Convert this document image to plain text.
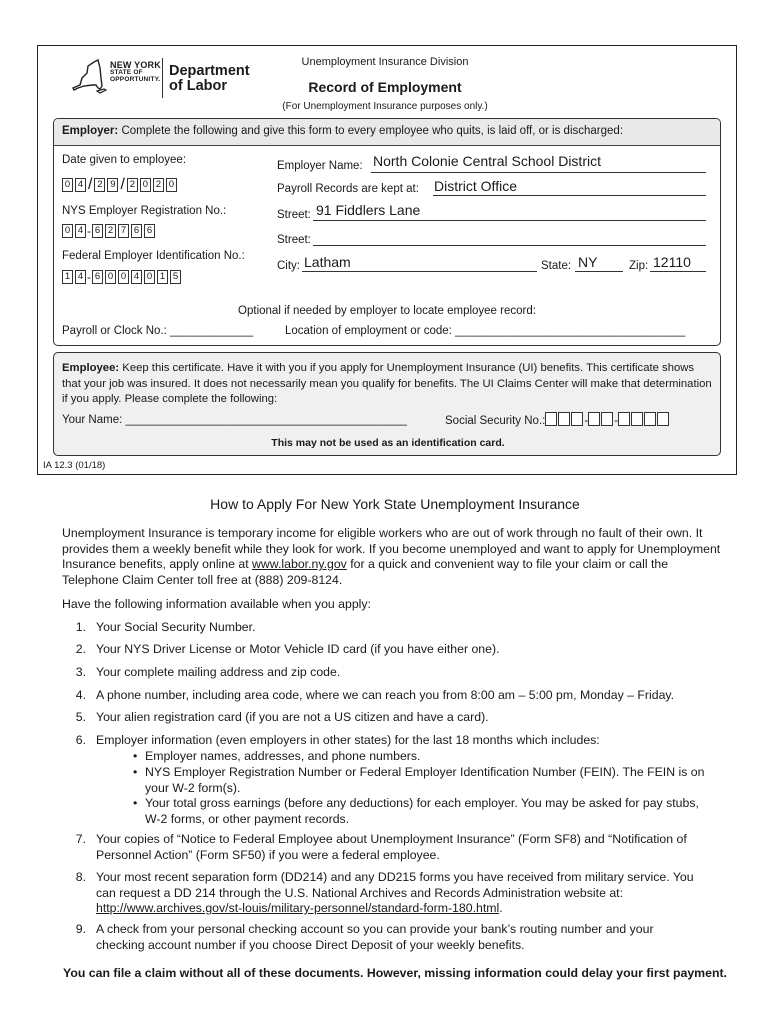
NEW YORK
STATE OF
OPPORTUNITY.
Department
of Labor
Unemployment Insurance Division
Record of Employment
(For Unemployment Insurance purposes only.)
Employer: Complete the following and give this form to every employee who quits, is laid off, or is discharged:
Date given to employee:
0 4 / 2 9 / 2 0 2 0
NYS Employer Registration No.:
0 4 - 6 2 7 6 6
Federal Employer Identification No.:
1 4 - 6 0 0 4 0 1 5
Employer Name: North Colonie Central School District
Payroll Records are kept at: District Office
Street: 91 Fiddlers Lane
Street:
City: Latham	State: NY	Zip: 12110
Optional if needed by employer to locate employee record:
Payroll or Clock No.: _____________	Location of employment or code: ____________________________________
Employee: Keep this certificate. Have it with you if you apply for Unemployment Insurance (UI) benefits. This certificate shows that your job was insured. It does not necessarily mean you qualify for benefits. The UI Claims Center will make that determination if you apply. Please complete the following:
Your Name: ____________________________________________	Social Security No.:	- -
This may not be used as an identification card.
IA 12.3 (01/18)
How to Apply For New York State Unemployment Insurance
Unemployment Insurance is temporary income for eligible workers who are out of work through no fault of their own. It provides them a weekly benefit while they look for work. If you become unemployed and want to apply for Unemployment Insurance benefits, apply online at www.labor.ny.gov for a quick and convenient way to file your claim or call the Telephone Claim Center toll free at (888) 209-8124.
Have the following information available when you apply:
1. Your Social Security Number.
2. Your NYS Driver License or Motor Vehicle ID card (if you have either one).
3. Your complete mailing address and zip code.
4. A phone number, including area code, where we can reach you from 8:00 am – 5:00 pm, Monday – Friday.
5. Your alien registration card (if you are not a US citizen and have a card).
6. Employer information (even employers in other states) for the last 18 months which includes:
• Employer names, addresses, and phone numbers.
• NYS Employer Registration Number or Federal Employer Identification Number (FEIN). The FEIN is on your W-2 form(s).
• Your total gross earnings (before any deductions) for each employer. You may be asked for pay stubs, W-2 forms, or other payment records.
7. Your copies of “Notice to Federal Employee about Unemployment Insurance” (Form SF8) and “Notification of Personnel Action” (Form SF50) if you were a federal employee.
8. Your most recent separation form (DD214) and any DD215 forms you have received from military service. You can request a DD 214 through the U.S. National Archives and Records Administration website at:
http://www.archives.gov/st-louis/military-personnel/standard-form-180.html.
9. A check from your personal checking account so you can provide your bank’s routing number and your checking account number if you choose Direct Deposit of your weekly benefits.
You can file a claim without all of these documents. However, missing information could delay your first payment.
